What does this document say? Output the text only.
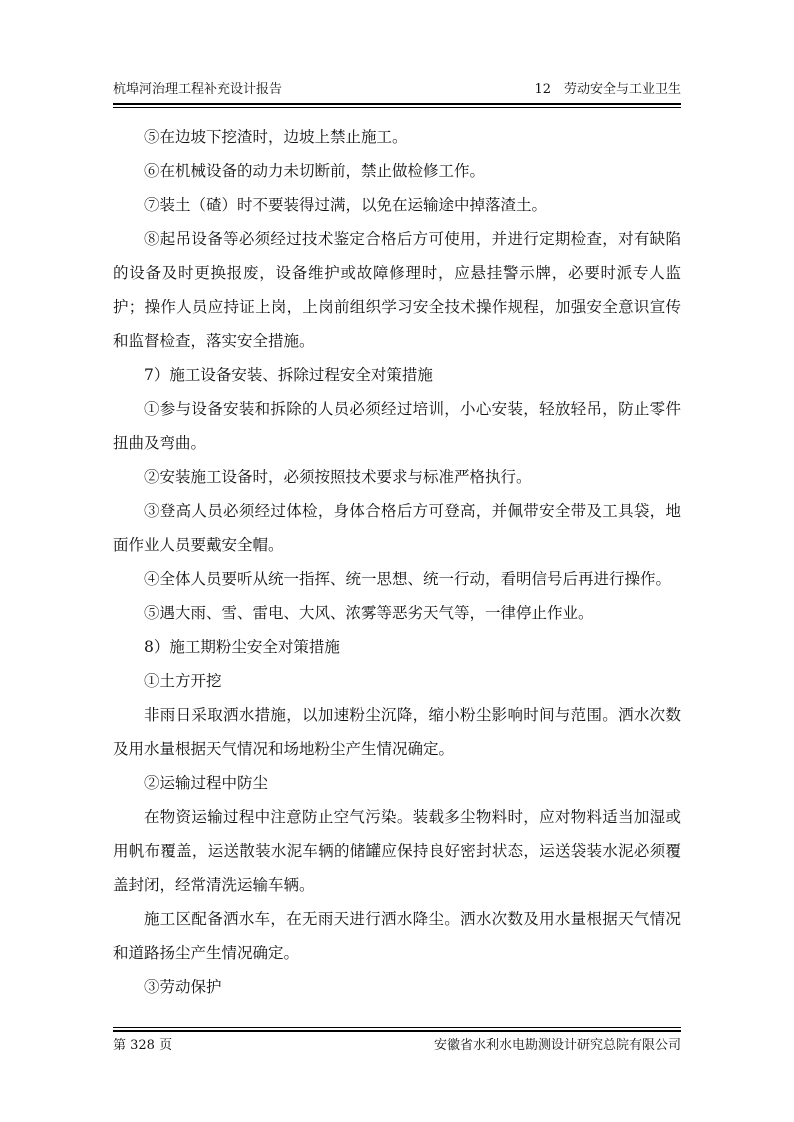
杭埠河治理工程补充设计报告	12　劳动安全与工业卫生

⑤在边坡下挖渣时，边坡上禁止施工。

⑥在机械设备的动力未切断前，禁止做检修工作。

⑦装土（碴）时不要装得过满，以免在运输途中掉落渣土。

⑧起吊设备等必须经过技术鉴定合格后方可使用，并进行定期检查，对有缺陷的设备及时更换报废，设备维护或故障修理时，应悬挂警示牌，必要时派专人监护；操作人员应持证上岗，上岗前组织学习安全技术操作规程，加强安全意识宣传和监督检查，落实安全措施。

7）施工设备安装、拆除过程安全对策措施

①参与设备安装和拆除的人员必须经过培训，小心安装，轻放轻吊，防止零件扭曲及弯曲。

②安装施工设备时，必须按照技术要求与标准严格执行。

③登高人员必须经过体检，身体合格后方可登高，并佩带安全带及工具袋，地面作业人员要戴安全帽。

④全体人员要听从统一指挥、统一思想、统一行动，看明信号后再进行操作。

⑤遇大雨、雪、雷电、大风、浓雾等恶劣天气等，一律停止作业。

8）施工期粉尘安全对策措施

①土方开挖

非雨日采取洒水措施，以加速粉尘沉降，缩小粉尘影响时间与范围。洒水次数及用水量根据天气情况和场地粉尘产生情况确定。

②运输过程中防尘

在物资运输过程中注意防止空气污染。装载多尘物料时，应对物料适当加湿或用帆布覆盖，运送散装水泥车辆的储罐应保持良好密封状态，运送袋装水泥必须覆盖封闭，经常清洗运输车辆。

施工区配备洒水车，在无雨天进行洒水降尘。洒水次数及用水量根据天气情况和道路扬尘产生情况确定。

③劳动保护

第 328 页	安徽省水利水电勘测设计研究总院有限公司
